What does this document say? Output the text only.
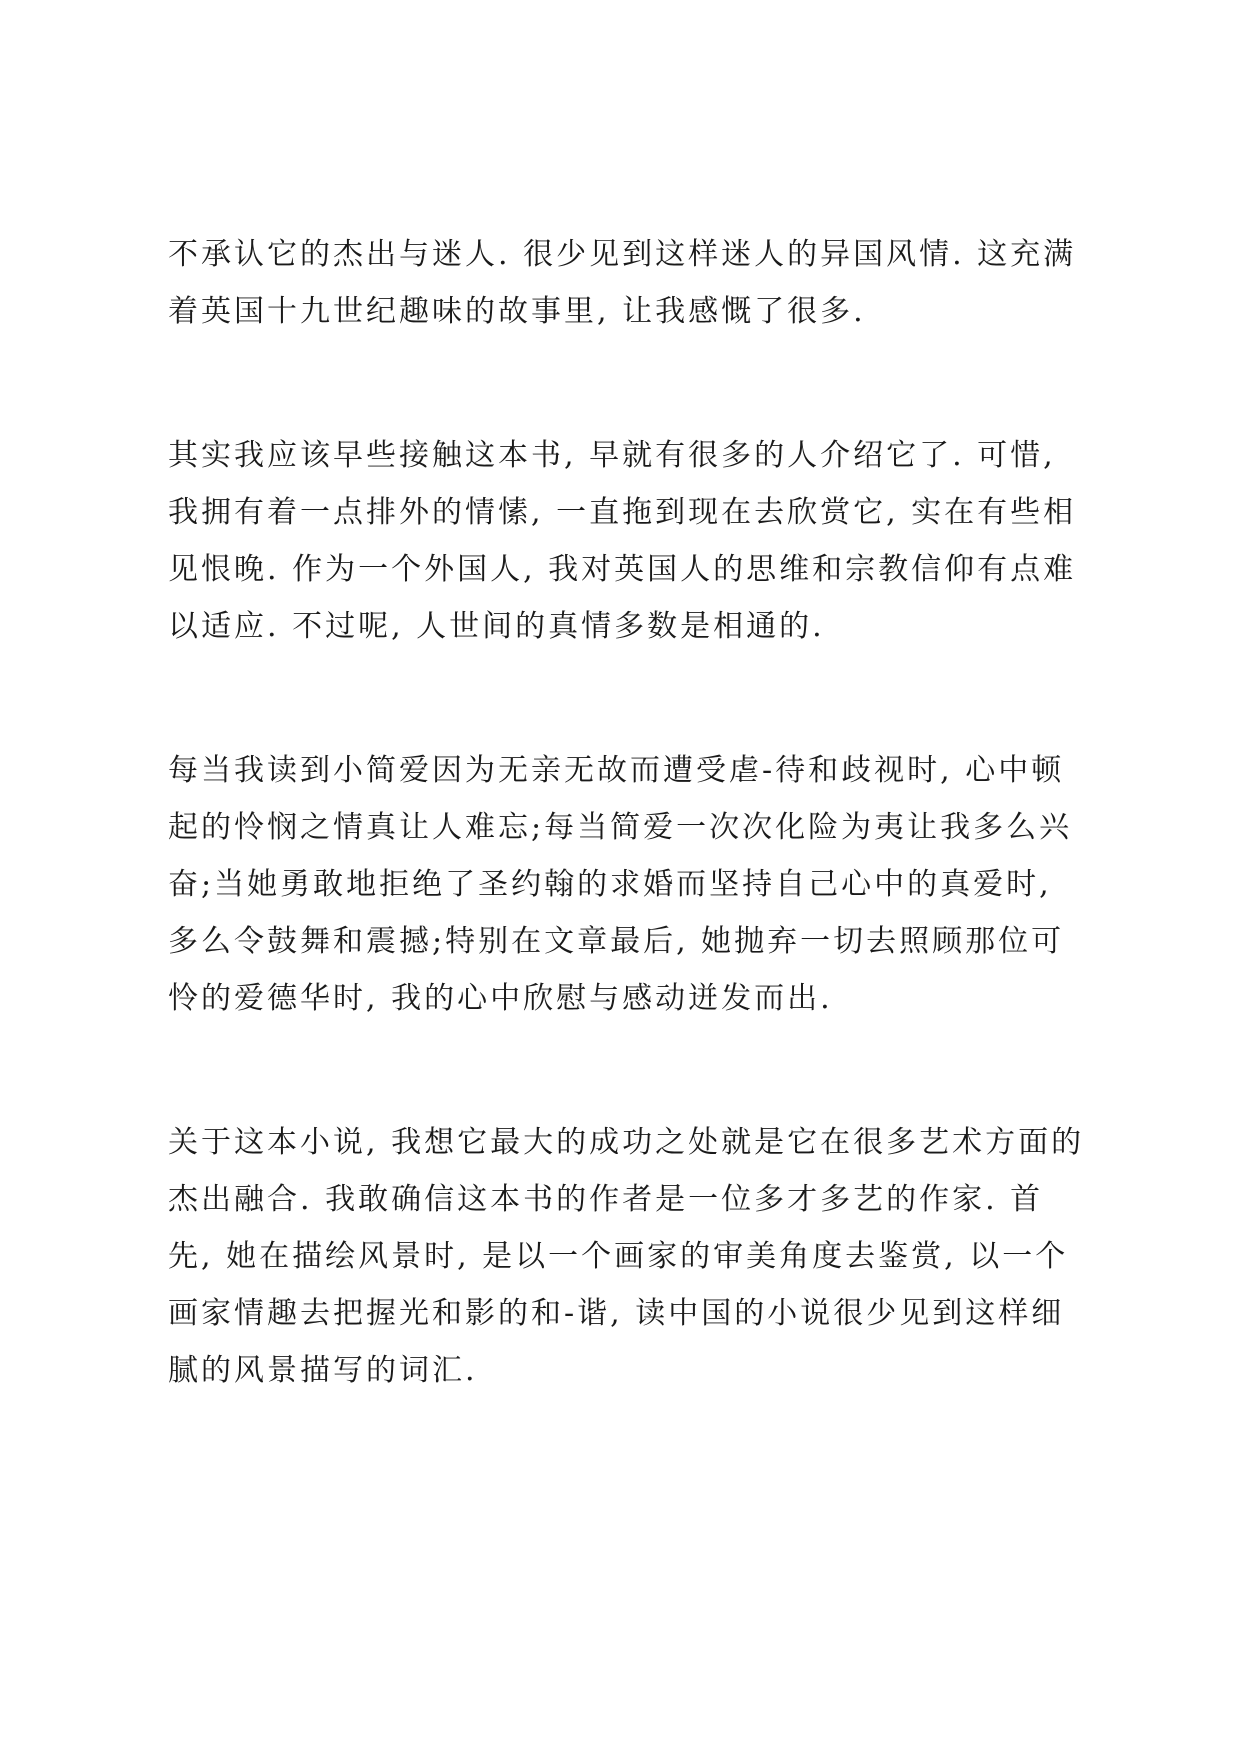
不承认它的杰出与迷人. 很少见到这样迷人的异国风情. 这充满
着英国十九世纪趣味的故事里, 让我感慨了很多.

其实我应该早些接触这本书, 早就有很多的人介绍它了. 可惜,
我拥有着一点排外的情愫, 一直拖到现在去欣赏它, 实在有些相
见恨晚. 作为一个外国人, 我对英国人的思维和宗教信仰有点难
以适应. 不过呢, 人世间的真情多数是相通的.

每当我读到小简爱因为无亲无故而遭受虐-待和歧视时, 心中顿
起的怜悯之情真让人难忘;每当简爱一次次化险为夷让我多么兴
奋;当她勇敢地拒绝了圣约翰的求婚而坚持自己心中的真爱时,
多么令鼓舞和震撼;特别在文章最后, 她抛弃一切去照顾那位可
怜的爱德华时, 我的心中欣慰与感动迸发而出.

关于这本小说, 我想它最大的成功之处就是它在很多艺术方面的
杰出融合. 我敢确信这本书的作者是一位多才多艺的作家. 首
先, 她在描绘风景时, 是以一个画家的审美角度去鉴赏, 以一个
画家情趣去把握光和影的和-谐, 读中国的小说很少见到这样细
腻的风景描写的词汇.
